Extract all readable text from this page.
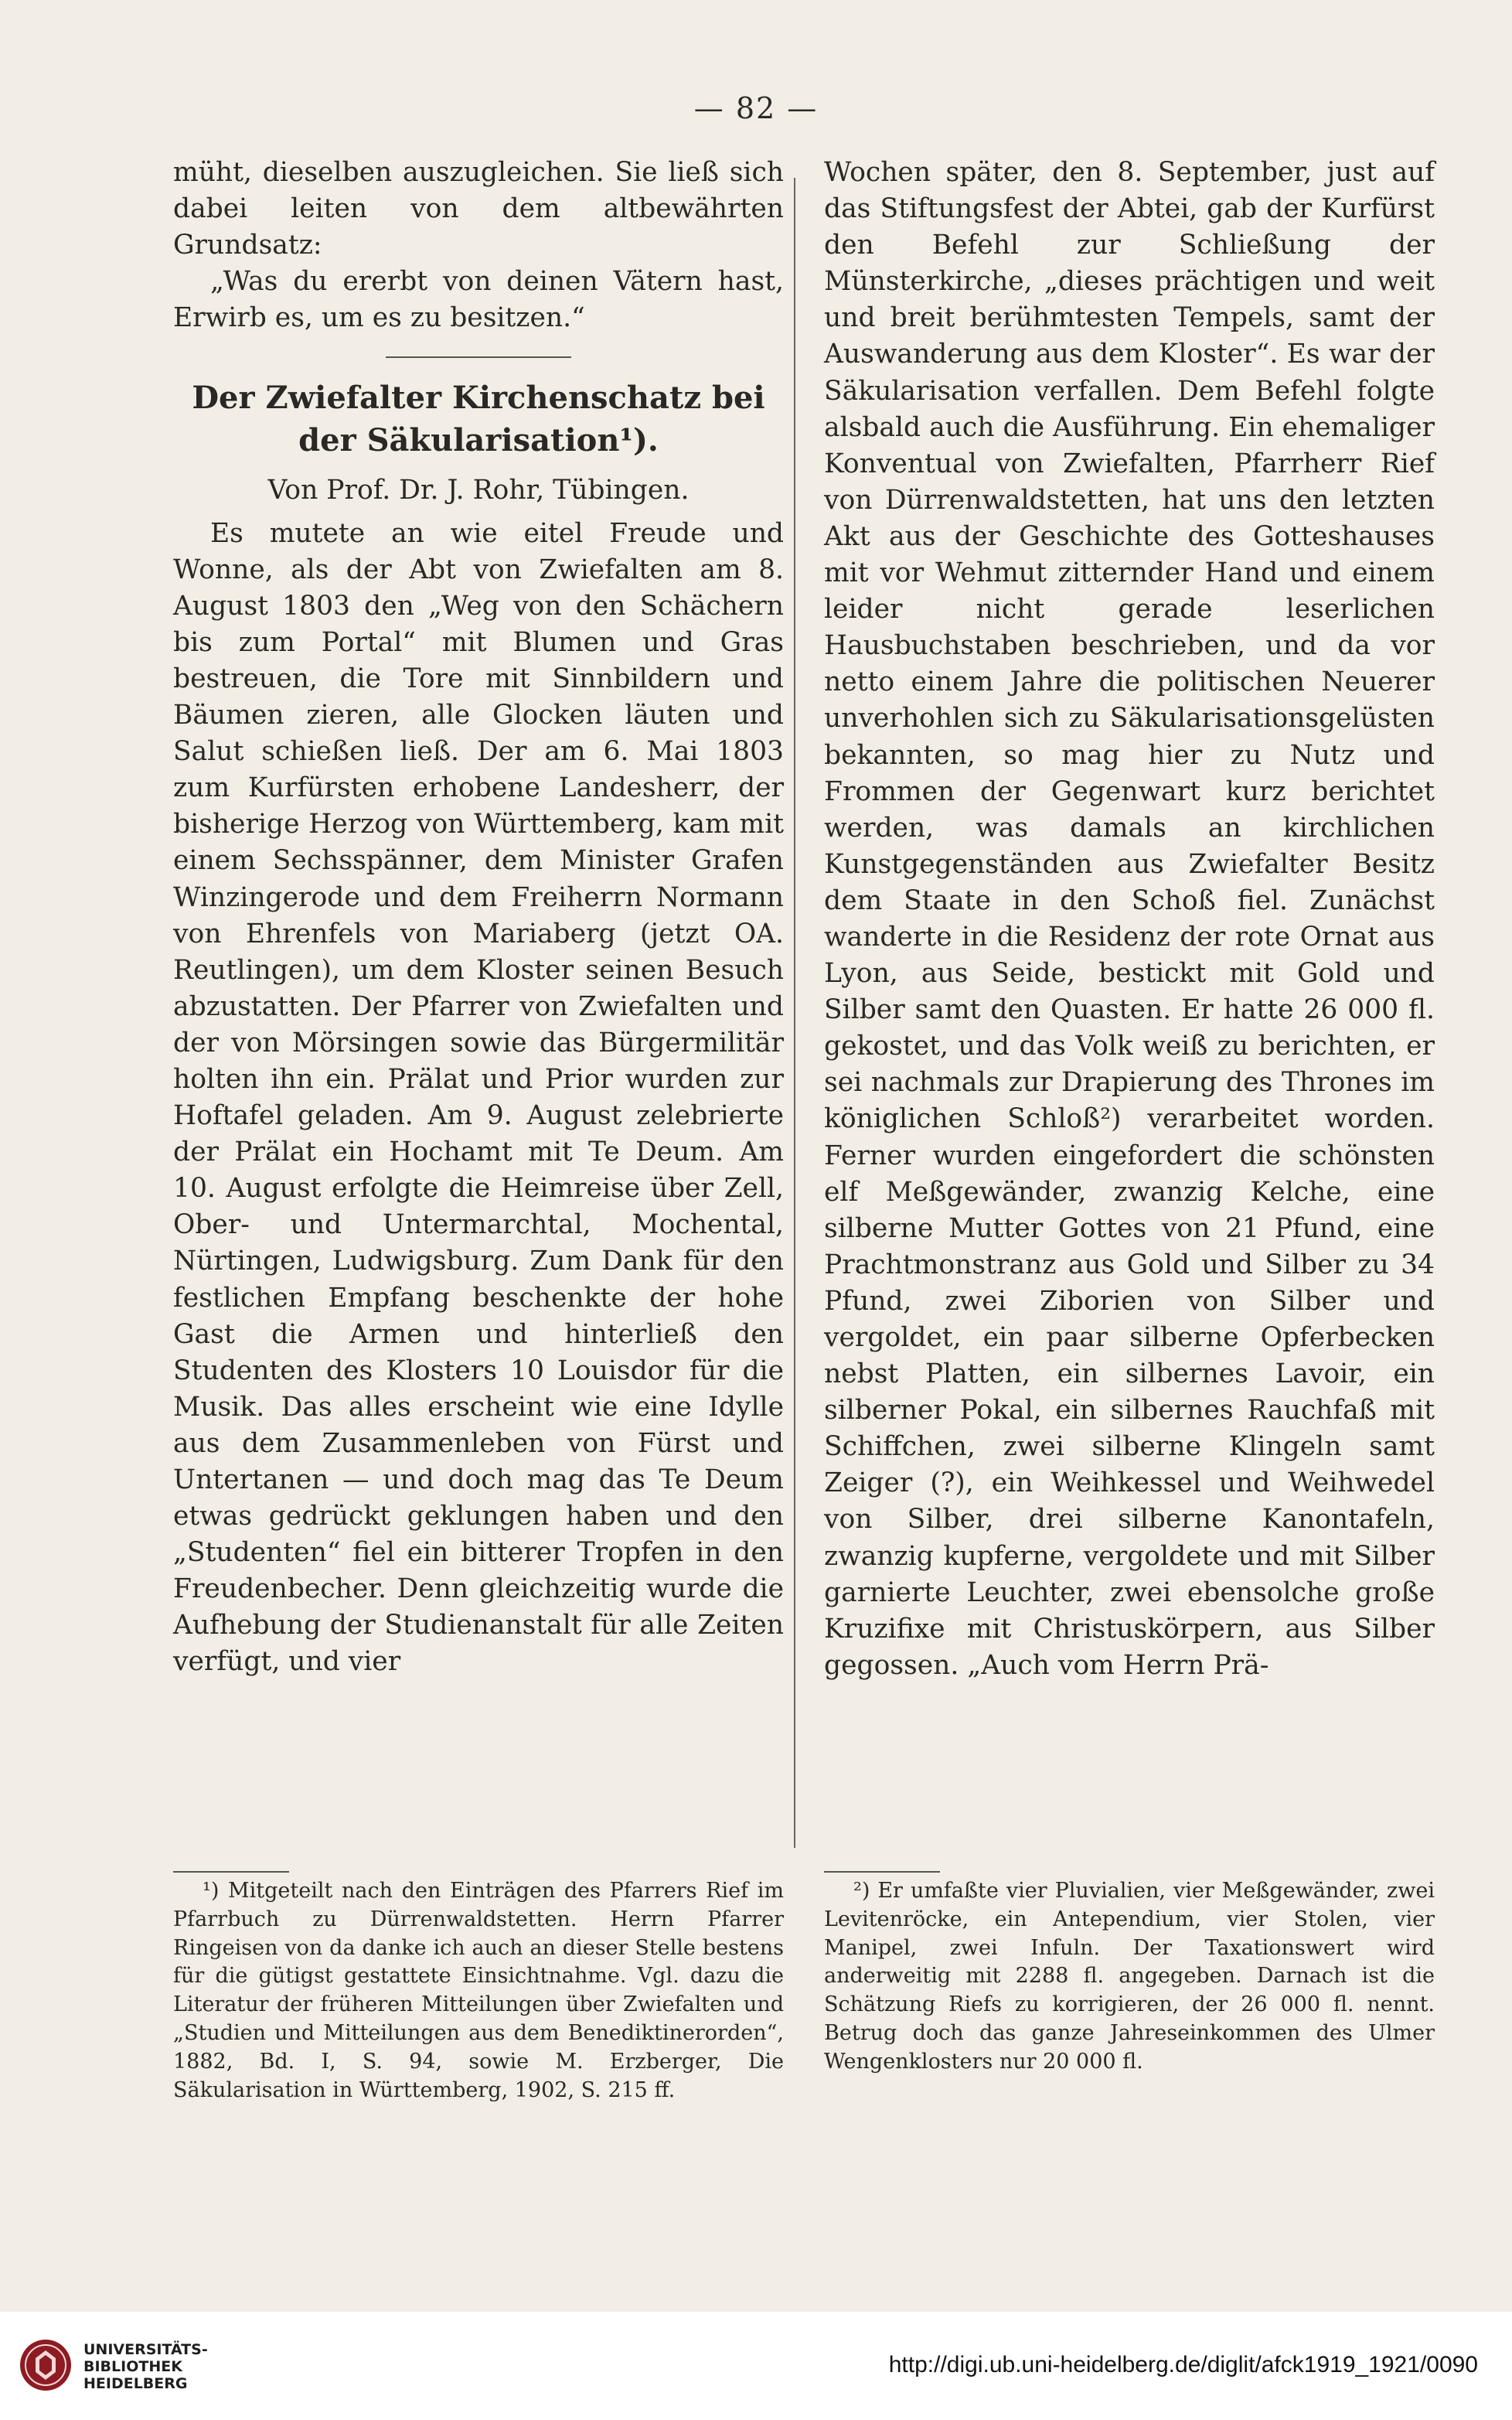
— 82 —

müht, dieselben auszugleichen. Sie ließ sich dabei leiten von dem altbewährten Grundsatz:

„Was du ererbt von deinen Vätern hast, Erwirb es, um es zu besitzen.“

Der Zwiefalter Kirchenschatz bei der Säkularisation¹).
Von Prof. Dr. J. Rohr, Tübingen.

Es mutete an wie eitel Freude und Wonne, als der Abt von Zwiefalten am 8. August 1803 den „Weg von den Schächern bis zum Portal“ mit Blumen und Gras bestreuen, die Tore mit Sinnbildern und Bäumen zieren, alle Glocken läuten und Salut schießen ließ. Der am 6. Mai 1803 zum Kurfürsten erhobene Landesherr, der bisherige Herzog von Württemberg, kam mit einem Sechsspänner, dem Minister Grafen Winzingerode und dem Freiherrn Normann von Ehrenfels von Mariaberg (jetzt OA. Reutlingen), um dem Kloster seinen Besuch abzustatten. Der Pfarrer von Zwiefalten und der von Mörsingen sowie das Bürgermilitär holten ihn ein. Prälat und Prior wurden zur Hoftafel geladen. Am 9. August zelebrierte der Prälat ein Hochamt mit Te Deum. Am 10. August erfolgte die Heimreise über Zell, Ober- und Untermarchtal, Mochental, Nürtingen, Ludwigsburg. Zum Dank für den festlichen Empfang beschenkte der hohe Gast die Armen und hinterließ den Studenten des Klosters 10 Louisdor für die Musik. Das alles erscheint wie eine Idylle aus dem Zusammenleben von Fürst und Untertanen — und doch mag das Te Deum etwas gedrückt geklungen haben und den „Studenten“ fiel ein bitterer Tropfen in den Freudenbecher. Denn gleichzeitig wurde die Aufhebung der Studienanstalt für alle Zeiten verfügt, und vier

Wochen später, den 8. September, just auf das Stiftungsfest der Abtei, gab der Kurfürst den Befehl zur Schließung der Münsterkirche, „dieses prächtigen und weit und breit berühmtesten Tempels, samt der Auswanderung aus dem Kloster“. Es war der Säkularisation verfallen. Dem Befehl folgte alsbald auch die Ausführung. Ein ehemaliger Konventual von Zwiefalten, Pfarrherr Rief von Dürrenwaldstetten, hat uns den letzten Akt aus der Geschichte des Gotteshauses mit vor Wehmut zitternder Hand und einem leider nicht gerade leserlichen Hausbuchstaben beschrieben, und da vor netto einem Jahre die politischen Neuerer unverhohlen sich zu Säkularisationsgelüsten bekannten, so mag hier zu Nutz und Frommen der Gegenwart kurz berichtet werden, was damals an kirchlichen Kunstgegenständen aus Zwiefalter Besitz dem Staate in den Schoß fiel. Zunächst wanderte in die Residenz der rote Ornat aus Lyon, aus Seide, bestickt mit Gold und Silber samt den Quasten. Er hatte 26 000 fl. gekostet, und das Volk weiß zu berichten, er sei nachmals zur Drapierung des Thrones im königlichen Schloß²) verarbeitet worden. Ferner wurden eingefordert die schönsten elf Meßgewänder, zwanzig Kelche, eine silberne Mutter Gottes von 21 Pfund, eine Prachtmonstranz aus Gold und Silber zu 34 Pfund, zwei Ziborien von Silber und vergoldet, ein paar silberne Opferbecken nebst Platten, ein silbernes Lavoir, ein silberner Pokal, ein silbernes Rauchfaß mit Schiffchen, zwei silberne Klingeln samt Zeiger (?), ein Weihkessel und Weihwedel von Silber, drei silberne Kanontafeln, zwanzig kupferne, vergoldete und mit Silber garnierte Leuchter, zwei ebensolche große Kruzifixe mit Christuskörpern, aus Silber gegossen. „Auch vom Herrn Prä-

¹) Mitgeteilt nach den Einträgen des Pfarrers Rief im Pfarrbuch zu Dürrenwaldstetten. Herrn Pfarrer Ringeisen von da danke ich auch an dieser Stelle bestens für die gütigst gestattete Einsichtnahme. Vgl. dazu die Literatur der früheren Mitteilungen über Zwiefalten und „Studien und Mitteilungen aus dem Benediktinerorden“, 1882, Bd. I, S. 94, sowie M. Erzberger, Die Säkularisation in Württemberg, 1902, S. 215 ff.

²) Er umfaßte vier Pluvialien, vier Meßgewänder, zwei Levitenröcke, ein Antependium, vier Stolen, vier Manipel, zwei Infuln. Der Taxationswert wird anderweitig mit 2288 fl. angegeben. Darnach ist die Schätzung Riefs zu korrigieren, der 26 000 fl. nennt. Betrug doch das ganze Jahreseinkommen des Ulmer Wengenklosters nur 20 000 fl.

UNIVERSITÄTS-
BIBLIOTHEK
HEIDELBERG
http://digi.ub.uni-heidelberg.de/diglit/afck1919_1921/0090
